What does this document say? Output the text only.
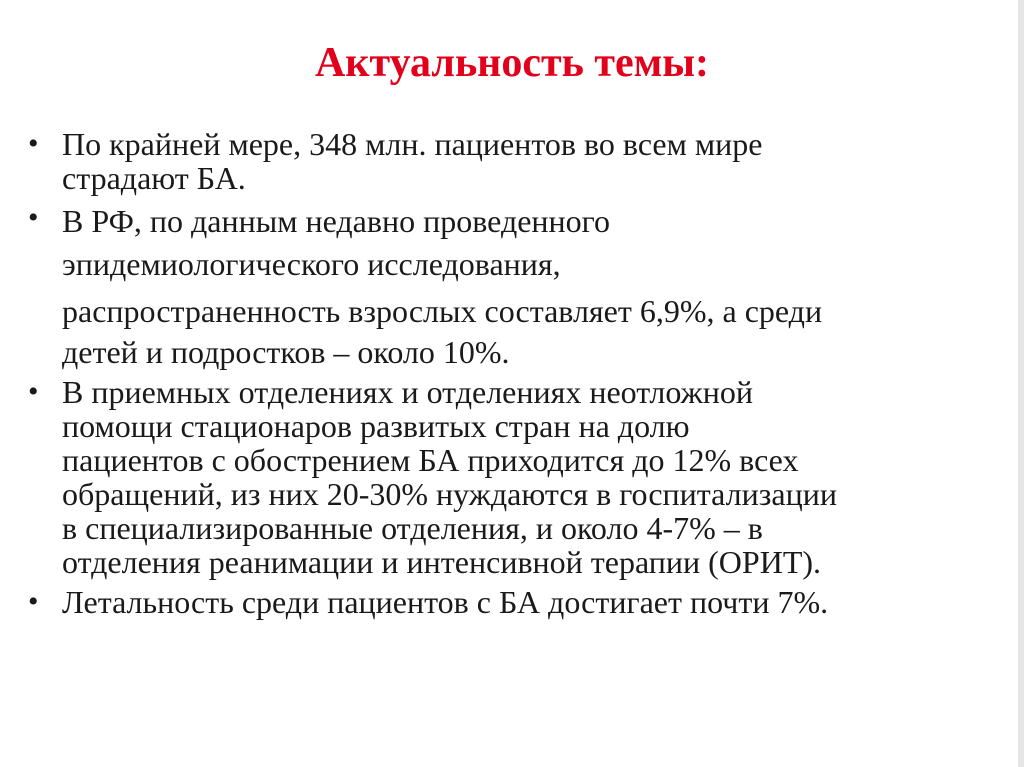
Актуальность темы:
• По крайней мере, 348 млн. пациентов во всем мире
страдают БА.
• В РФ, по данным недавно проведенного
эпидемиологического исследования,
распространенность взрослых составляет 6,9%, а среди
детей и подростков – около 10%.
• В приемных отделениях и отделениях неотложной
помощи стационаров развитых стран на долю
пациентов с обострением БА приходится до 12% всех
обращений, из них 20-30% нуждаются в госпитализации
в специализированные отделения, и около 4-7% – в
отделения реанимации и интенсивной терапии (ОРИТ).
• Летальность среди пациентов с БА достигает почти 7%.
